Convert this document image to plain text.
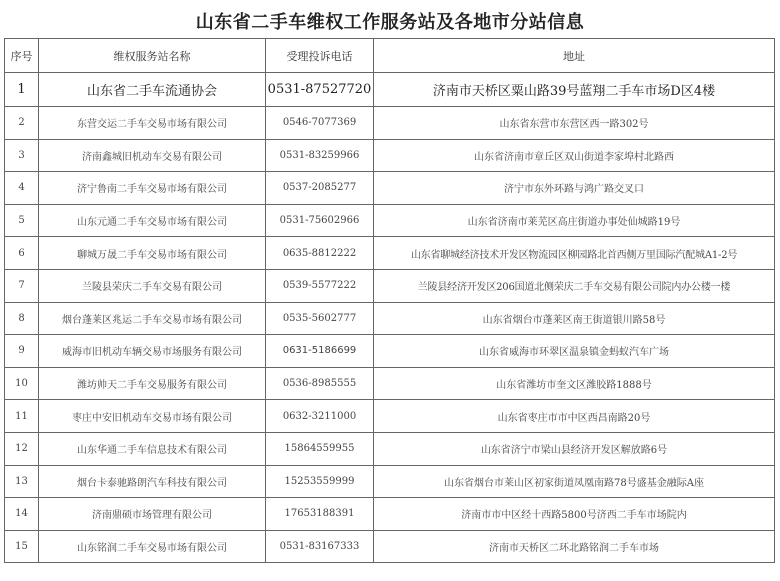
山东省二手车维权工作服务站及各地市分站信息
序号	维权服务站名称	受理投诉电话	地址
1	山东省二手车流通协会	0531-87527720	济南市天桥区粟山路39号蓝翔二手车市场D区4楼
2	东营交运二手车交易市场有限公司	0546-7077369	山东省东营市东营区西一路302号
3	济南鑫城旧机动车交易有限公司	0531-83259966	山东省济南市章丘区双山街道李家埠村北路西
4	济宁鲁南二手车交易市场有限公司	0537-2085277	济宁市东外环路与鸿广路交叉口
5	山东元通二手车交易市场有限公司	0531-75602966	山东省济南市莱芜区高庄街道办事处仙城路19号
6	聊城万晟二手车交易市场有限公司	0635-8812222	山东省聊城经济技术开发区物流园区柳园路北首西侧万里国际汽配城A1-2号
7	兰陵县荣庆二手车交易有限公司	0539-5577222	兰陵县经济开发区206国道北侧荣庆二手车交易有限公司院内办公楼一楼
8	烟台蓬莱区兆运二手车交易市场有限公司	0535-5602777	山东省烟台市蓬莱区南王街道银川路58号
9	威海市旧机动车辆交易市场服务有限公司	0631-5186699	山东省威海市环翠区温泉镇金蚂蚁汽车广场
10	潍坊帅天二手车交易服务有限公司	0536-8985555	山东省潍坊市奎文区潍胶路1888号
11	枣庄中安旧机动车交易市场有限公司	0632-3211000	山东省枣庄市市中区西昌南路20号
12	山东华通二手车信息技术有限公司	15864559955	山东省济宁市梁山县经济开发区解放路6号
13	烟台卡泰驰路朗汽车科技有限公司	15253559999	山东省烟台市莱山区初家街道凤凰南路78号盛基金融际A座
14	济南鼎硕市场管理有限公司	17653188391	济南市市中区经十西路5800号济西二手车市场院内
15	山东铭润二手车交易市场有限公司	0531-83167333	济南市天桥区二环北路铭润二手车市场
